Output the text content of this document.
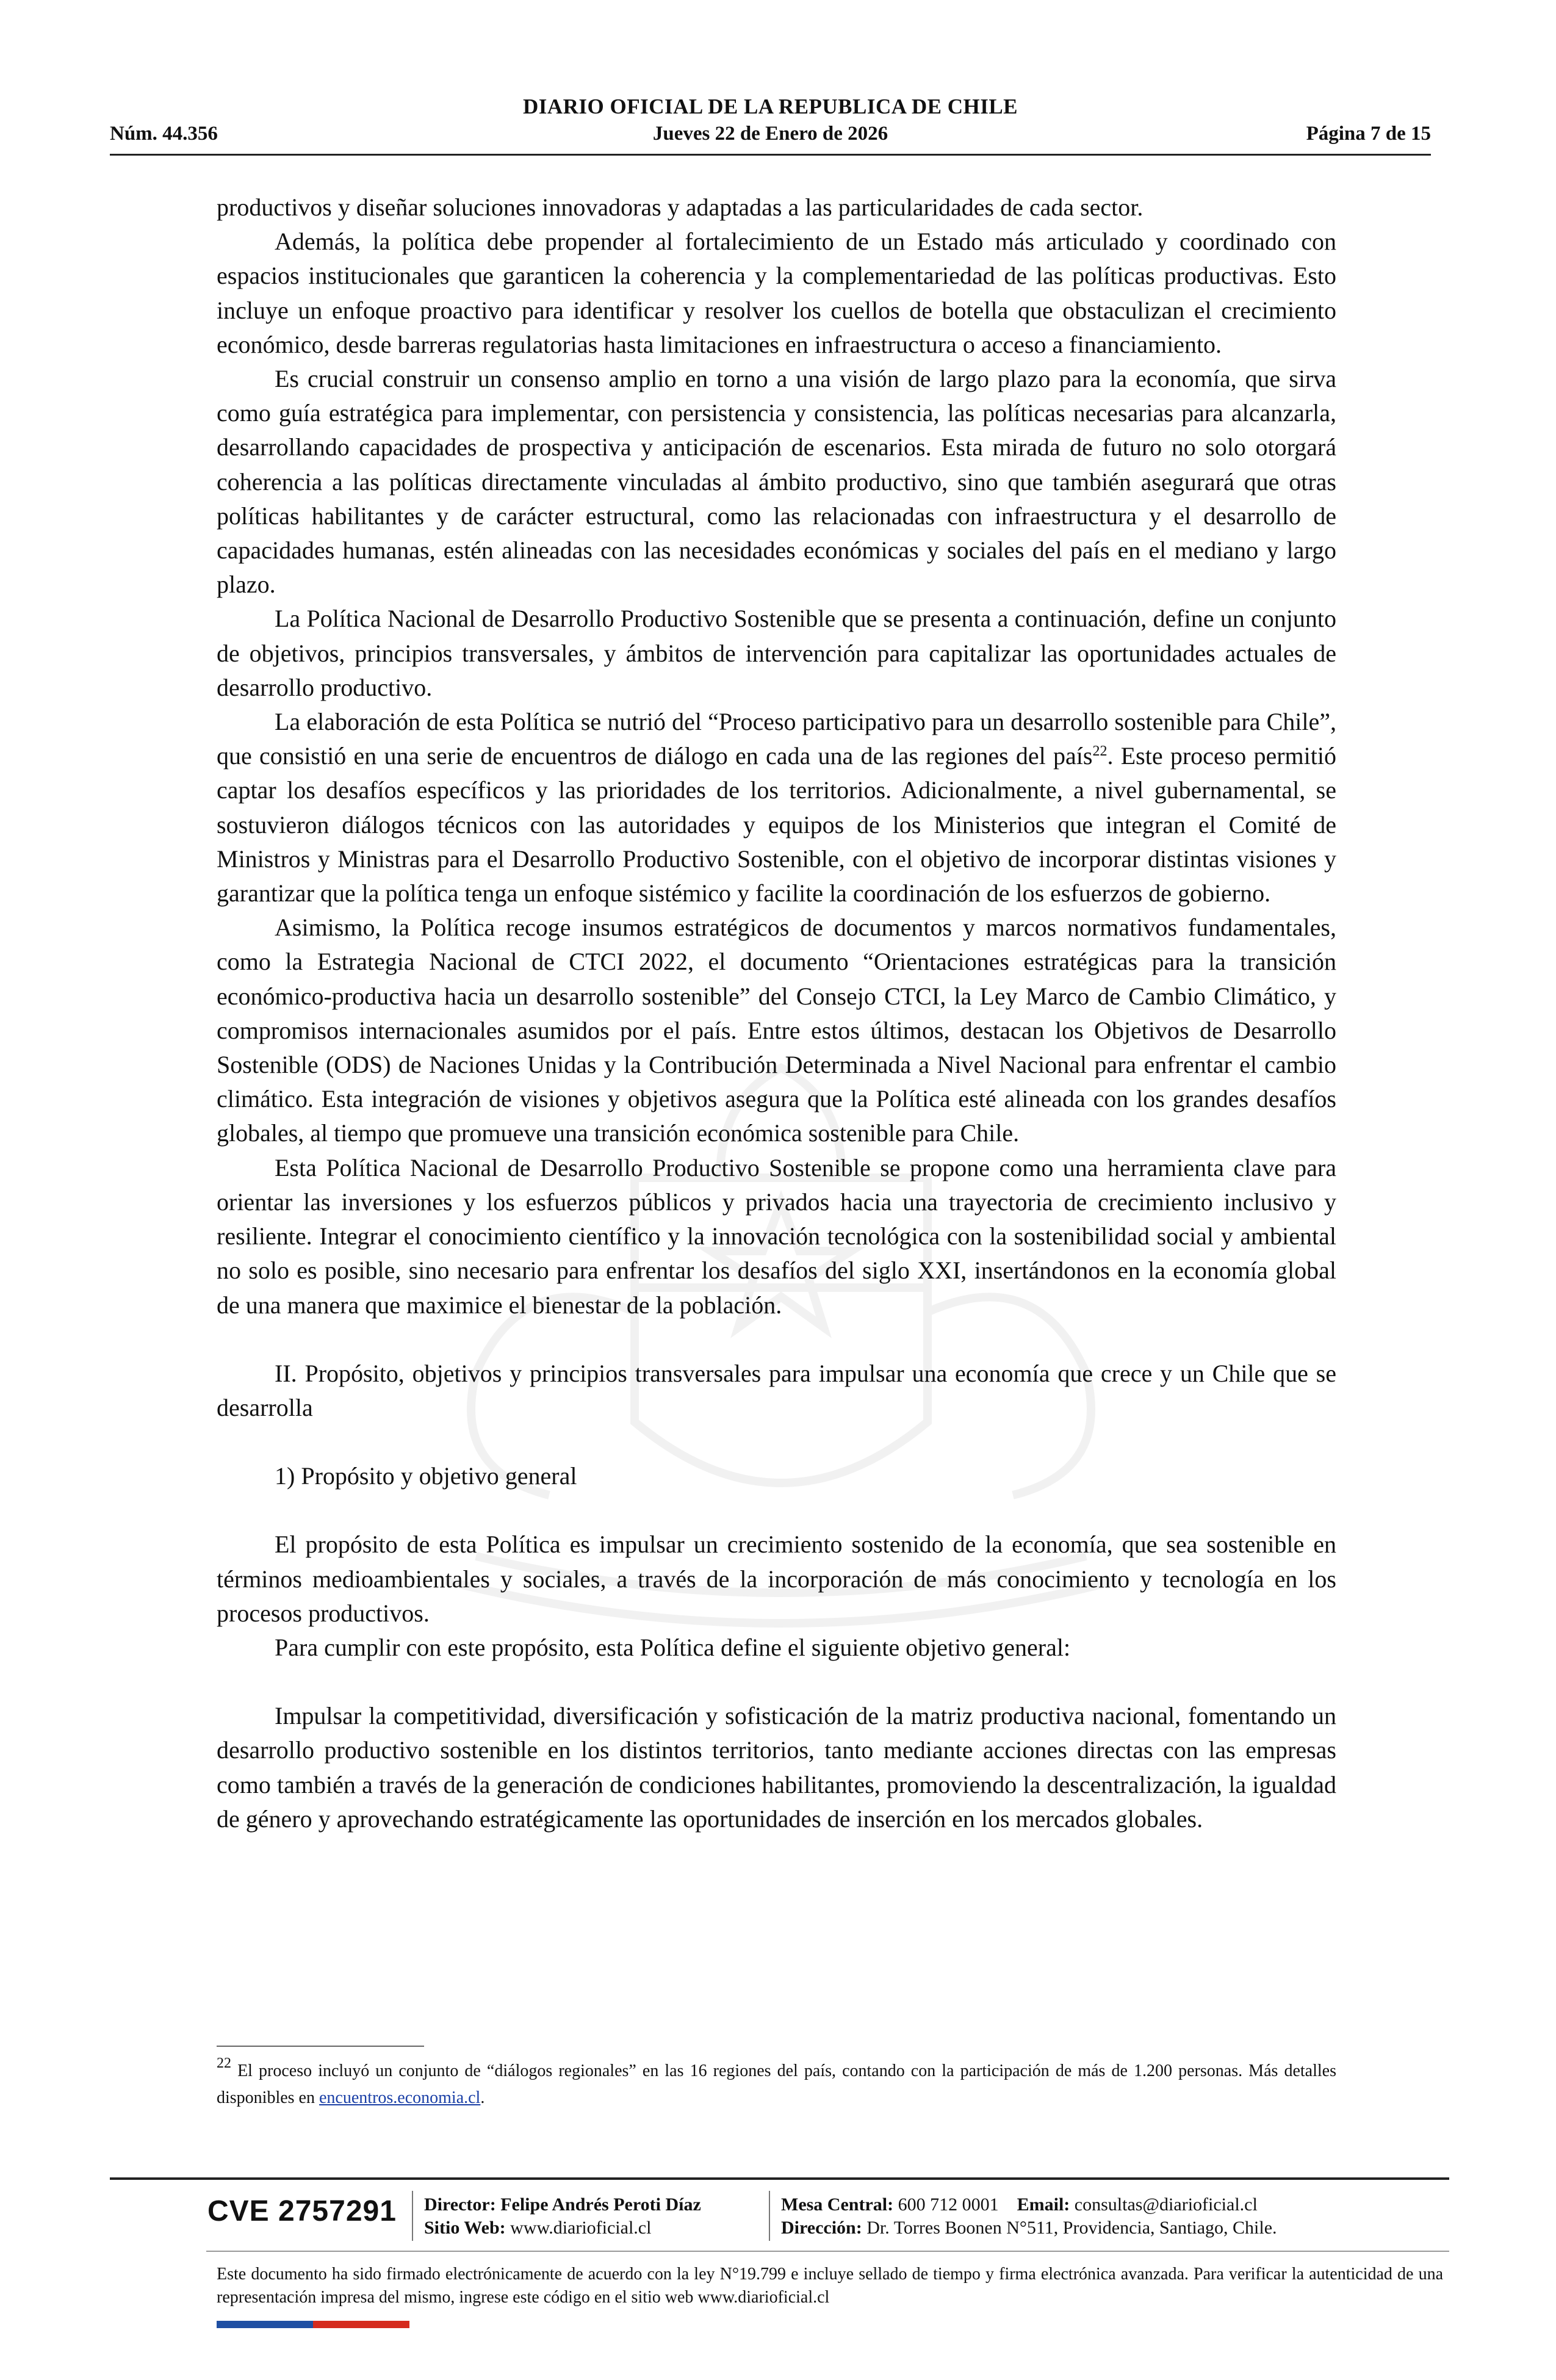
DIARIO OFICIAL DE LA REPUBLICA DE CHILE
Núm. 44.356	Jueves 22 de Enero de 2026	Página 7 de 15

productivos y diseñar soluciones innovadoras y adaptadas a las particularidades de cada sector.

Además, la política debe propender al fortalecimiento de un Estado más articulado y coordinado con espacios institucionales que garanticen la coherencia y la complementariedad de las políticas productivas. Esto incluye un enfoque proactivo para identificar y resolver los cuellos de botella que obstaculizan el crecimiento económico, desde barreras regulatorias hasta limitaciones en infraestructura o acceso a financiamiento.

Es crucial construir un consenso amplio en torno a una visión de largo plazo para la economía, que sirva como guía estratégica para implementar, con persistencia y consistencia, las políticas necesarias para alcanzarla, desarrollando capacidades de prospectiva y anticipación de escenarios. Esta mirada de futuro no solo otorgará coherencia a las políticas directamente vinculadas al ámbito productivo, sino que también asegurará que otras políticas habilitantes y de carácter estructural, como las relacionadas con infraestructura y el desarrollo de capacidades humanas, estén alineadas con las necesidades económicas y sociales del país en el mediano y largo plazo.

La Política Nacional de Desarrollo Productivo Sostenible que se presenta a continuación, define un conjunto de objetivos, principios transversales, y ámbitos de intervención para capitalizar las oportunidades actuales de desarrollo productivo.

La elaboración de esta Política se nutrió del “Proceso participativo para un desarrollo sostenible para Chile”, que consistió en una serie de encuentros de diálogo en cada una de las regiones del país$^{22}$. Este proceso permitió captar los desafíos específicos y las prioridades de los territorios. Adicionalmente, a nivel gubernamental, se sostuvieron diálogos técnicos con las autoridades y equipos de los Ministerios que integran el Comité de Ministros y Ministras para el Desarrollo Productivo Sostenible, con el objetivo de incorporar distintas visiones y garantizar que la política tenga un enfoque sistémico y facilite la coordinación de los esfuerzos de gobierno.

Asimismo, la Política recoge insumos estratégicos de documentos y marcos normativos fundamentales, como la Estrategia Nacional de CTCI 2022, el documento “Orientaciones estratégicas para la transición económico-productiva hacia un desarrollo sostenible” del Consejo CTCI, la Ley Marco de Cambio Climático, y compromisos internacionales asumidos por el país. Entre estos últimos, destacan los Objetivos de Desarrollo Sostenible (ODS) de Naciones Unidas y la Contribución Determinada a Nivel Nacional para enfrentar el cambio climático. Esta integración de visiones y objetivos asegura que la Política esté alineada con los grandes desafíos globales, al tiempo que promueve una transición económica sostenible para Chile.

Esta Política Nacional de Desarrollo Productivo Sostenible se propone como una herramienta clave para orientar las inversiones y los esfuerzos públicos y privados hacia una trayectoria de crecimiento inclusivo y resiliente. Integrar el conocimiento científico y la innovación tecnológica con la sostenibilidad social y ambiental no solo es posible, sino necesario para enfrentar los desafíos del siglo XXI, insertándonos en la economía global de una manera que maximice el bienestar de la población.

II. Propósito, objetivos y principios transversales para impulsar una economía que crece y un Chile que se desarrolla

1) Propósito y objetivo general

El propósito de esta Política es impulsar un crecimiento sostenido de la economía, que sea sostenible en términos medioambientales y sociales, a través de la incorporación de más conocimiento y tecnología en los procesos productivos.

Para cumplir con este propósito, esta Política define el siguiente objetivo general:

Impulsar la competitividad, diversificación y sofisticación de la matriz productiva nacional, fomentando un desarrollo productivo sostenible en los distintos territorios, tanto mediante acciones directas con las empresas como también a través de la generación de condiciones habilitantes, promoviendo la descentralización, la igualdad de género y aprovechando estratégicamente las oportunidades de inserción en los mercados globales.

$^{22}$ El proceso incluyó un conjunto de “diálogos regionales” en las 16 regiones del país, contando con la participación de más de 1.200 personas. Más detalles disponibles en encuentros.economia.cl.
CVE 2757291 Director: Felipe Andrés Peroti Díaz
Sitio Web: www.diarioficial.cl
Mesa Central: 600 712 0001 Email: consultas@diarioficial.cl
Dirección: Dr. Torres Boonen N°511, Providencia, Santiago, Chile.
Este documento ha sido firmado electrónicamente de acuerdo con la ley N°19.799 e incluye sellado de tiempo y firma electrónica avanzada. Para verificar la autenticidad de una representación impresa del mismo, ingrese este código en el sitio web www.diarioficial.cl
